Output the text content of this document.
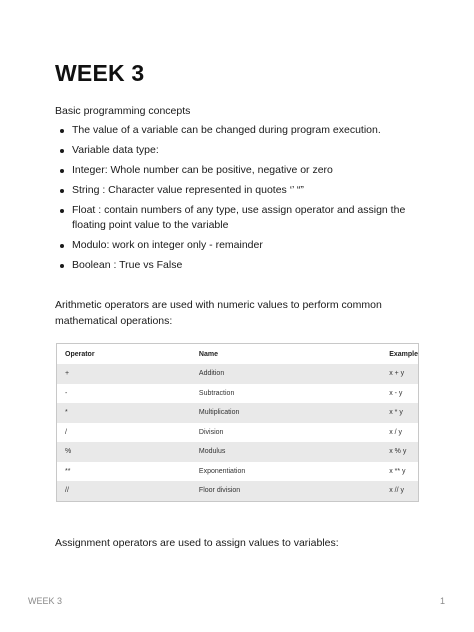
WEEK 3

Basic programming concepts

The value of a variable can be changed during program execution.
Variable data type:
Integer: Whole number can be positive, negative or zero
String : Character value represented in quotes ‘’ “”
Float : contain numbers of any type, use assign operator and assign the floating point value to the variable
Modulo: work on integer only - remainder
Boolean : True vs False

Arithmetic operators are used with numeric values to perform common mathematical operations:

Operator	Name	Example
+	Addition	x + y
-	Subtraction	x - y
*	Multiplication	x * y
/	Division	x / y
%	Modulus	x % y
**	Exponentiation	x ** y
//	Floor division	x // y

Assignment operators are used to assign values to variables:

WEEK 3	1
